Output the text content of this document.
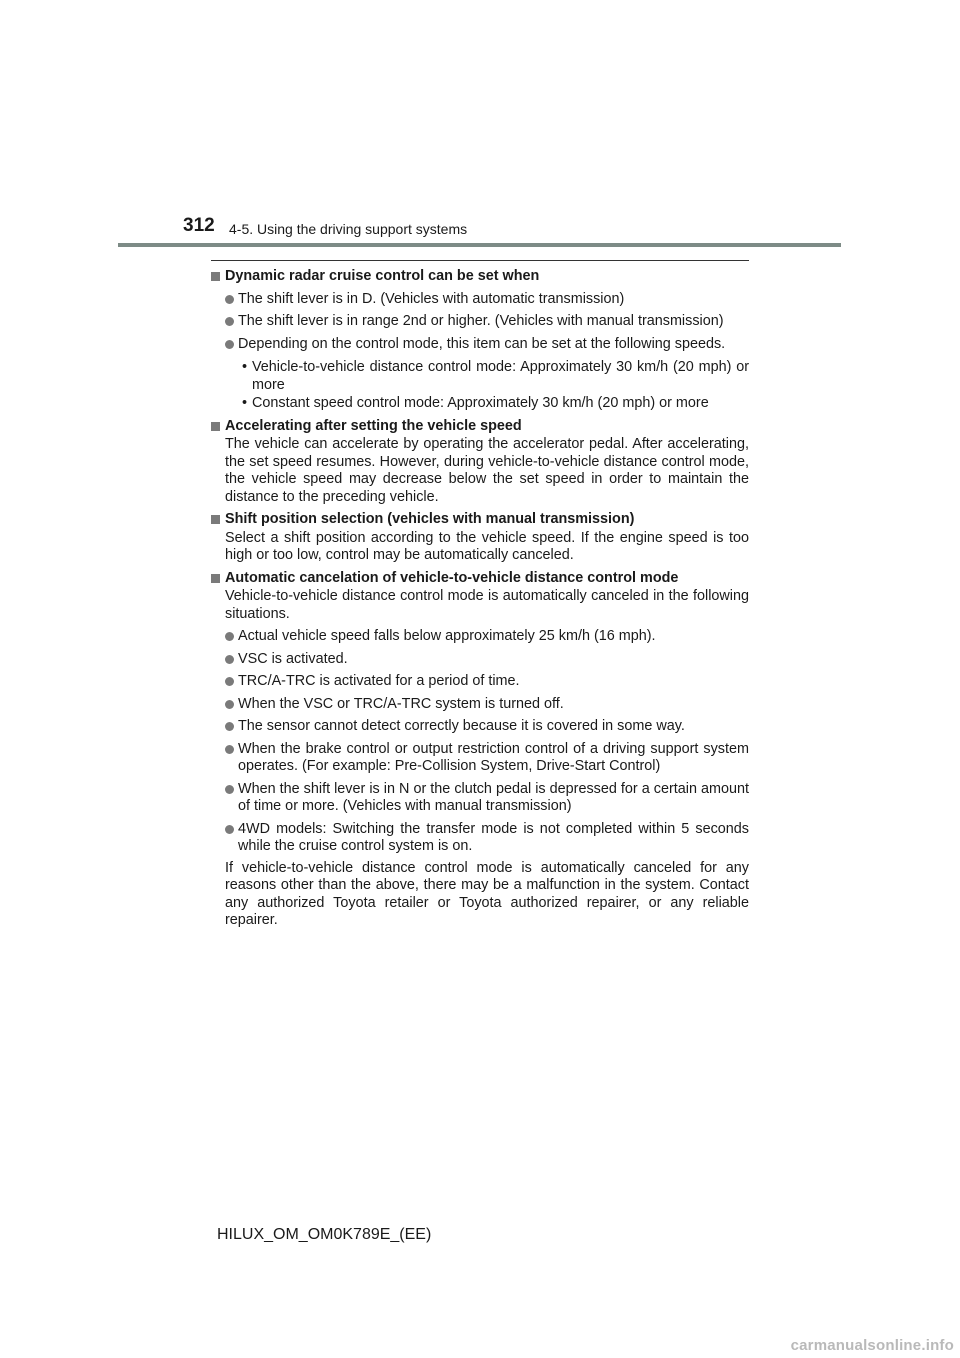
312 4-5. Using the driving support systems
Dynamic radar cruise control can be set when
The shift lever is in D. (Vehicles with automatic transmission)
The shift lever is in range 2nd or higher. (Vehicles with manual transmission)
Depending on the control mode, this item can be set at the following speeds.
• Vehicle-to-vehicle distance control mode: Approximately 30 km/h (20 mph) or more
• Constant speed control mode: Approximately 30 km/h (20 mph) or more
Accelerating after setting the vehicle speed
The vehicle can accelerate by operating the accelerator pedal. After accelerating, the set speed resumes. However, during vehicle-to-vehicle distance control mode, the vehicle speed may decrease below the set speed in order to maintain the distance to the preceding vehicle.
Shift position selection (vehicles with manual transmission)
Select a shift position according to the vehicle speed. If the engine speed is too high or too low, control may be automatically canceled.
Automatic cancelation of vehicle-to-vehicle distance control mode
Vehicle-to-vehicle distance control mode is automatically canceled in the following situations.
Actual vehicle speed falls below approximately 25 km/h (16 mph).
VSC is activated.
TRC/A-TRC is activated for a period of time.
When the VSC or TRC/A-TRC system is turned off.
The sensor cannot detect correctly because it is covered in some way.
When the brake control or output restriction control of a driving support system operates. (For example: Pre-Collision System, Drive-Start Control)
When the shift lever is in N or the clutch pedal is depressed for a certain amount of time or more. (Vehicles with manual transmission)
4WD models: Switching the transfer mode is not completed within 5 seconds while the cruise control system is on.
If vehicle-to-vehicle distance control mode is automatically canceled for any reasons other than the above, there may be a malfunction in the system. Contact any authorized Toyota retailer or Toyota authorized repairer, or any reliable repairer.
HILUX_OM_OM0K789E_(EE)
carmanualsonline.info
